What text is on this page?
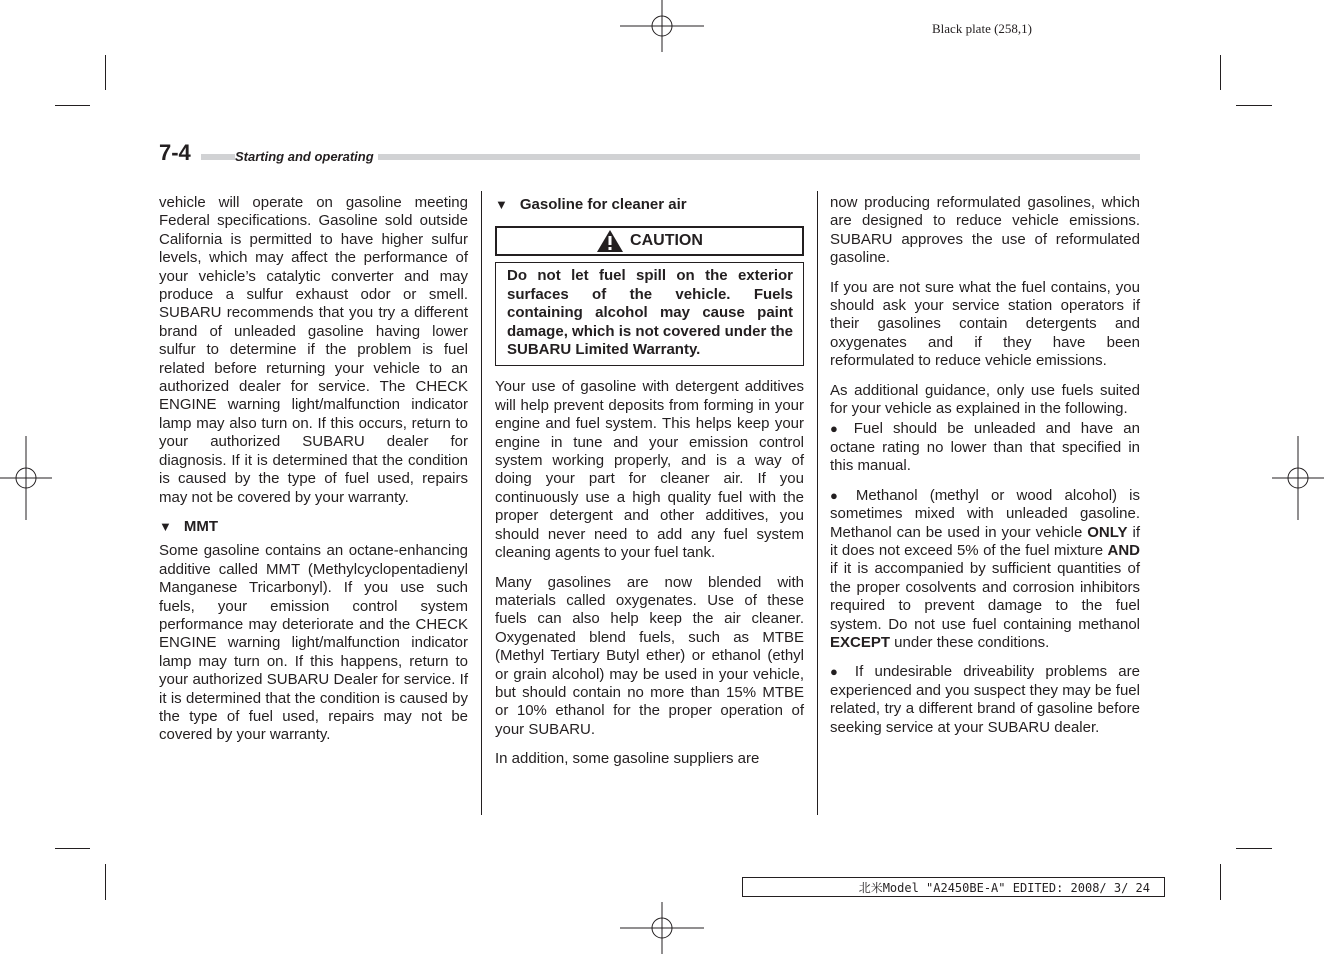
Black plate (258,1)
7-4	Starting and operating

vehicle will operate on gasoline meeting Federal specifications. Gasoline sold outside California is permitted to have higher sulfur levels, which may affect the performance of your vehicle’s catalytic converter and may produce a sulfur exhaust odor or smell. SUBARU recommends that you try a different brand of unleaded gasoline having lower sulfur to determine if the problem is fuel related before returning your vehicle to an authorized dealer for service. The CHECK ENGINE warning light/malfunction indicator lamp may also turn on. If this occurs, return to your authorized SUBARU dealer for diagnosis. If it is determined that the condition is caused by the type of fuel used, repairs may not be covered by your warranty.

▼ MMT

Some gasoline contains an octane-enhancing additive called MMT (Methylcyclopentadienyl Manganese Tricarbonyl). If you use such fuels, your emission control system performance may deteriorate and the CHECK ENGINE warning light/malfunction indicator lamp may turn on. If this happens, return to your authorized SUBARU Dealer for service. If it is determined that the condition is caused by the type of fuel used, repairs may not be covered by your warranty.

▼ Gasoline for cleaner air
CAUTION
Do not let fuel spill on the exterior surfaces of the vehicle. Fuels containing alcohol may cause paint damage, which is not covered under the SUBARU Limited Warranty.

Your use of gasoline with detergent additives will help prevent deposits from forming in your engine and fuel system. This helps keep your engine in tune and your emission control system working properly, and is a way of doing your part for cleaner air. If you continuously use a high quality fuel with the proper detergent and other additives, you should never need to add any fuel system cleaning agents to your fuel tank.

Many gasolines are now blended with materials called oxygenates. Use of these fuels can also help keep the air cleaner. Oxygenated blend fuels, such as MTBE (Methyl Tertiary Butyl ether) or ethanol (ethyl or grain alcohol) may be used in your vehicle, but should contain no more than 15% MTBE or 10% ethanol for the proper operation of your SUBARU.

In addition, some gasoline suppliers are

now producing reformulated gasolines, which are designed to reduce vehicle emissions. SUBARU approves the use of reformulated gasoline.

If you are not sure what the fuel contains, you should ask your service station operators if their gasolines contain detergents and oxygenates and if they have been reformulated to reduce vehicle emissions.

As additional guidance, only use fuels suited for your vehicle as explained in the following.

● Fuel should be unleaded and have an octane rating no lower than that specified in this manual.

● Methanol (methyl or wood alcohol) is sometimes mixed with unleaded gasoline. Methanol can be used in your vehicle ONLY if it does not exceed 5% of the fuel mixture AND if it is accompanied by sufficient quantities of the proper cosolvents and corrosion inhibitors required to prevent damage to the fuel system. Do not use fuel containing methanol EXCEPT under these conditions.

● If undesirable driveability problems are experienced and you suspect they may be fuel related, try a different brand of gasoline before seeking service at your SUBARU dealer.

北米Model "A2450BE-A" EDITED: 2008/ 3/ 24
